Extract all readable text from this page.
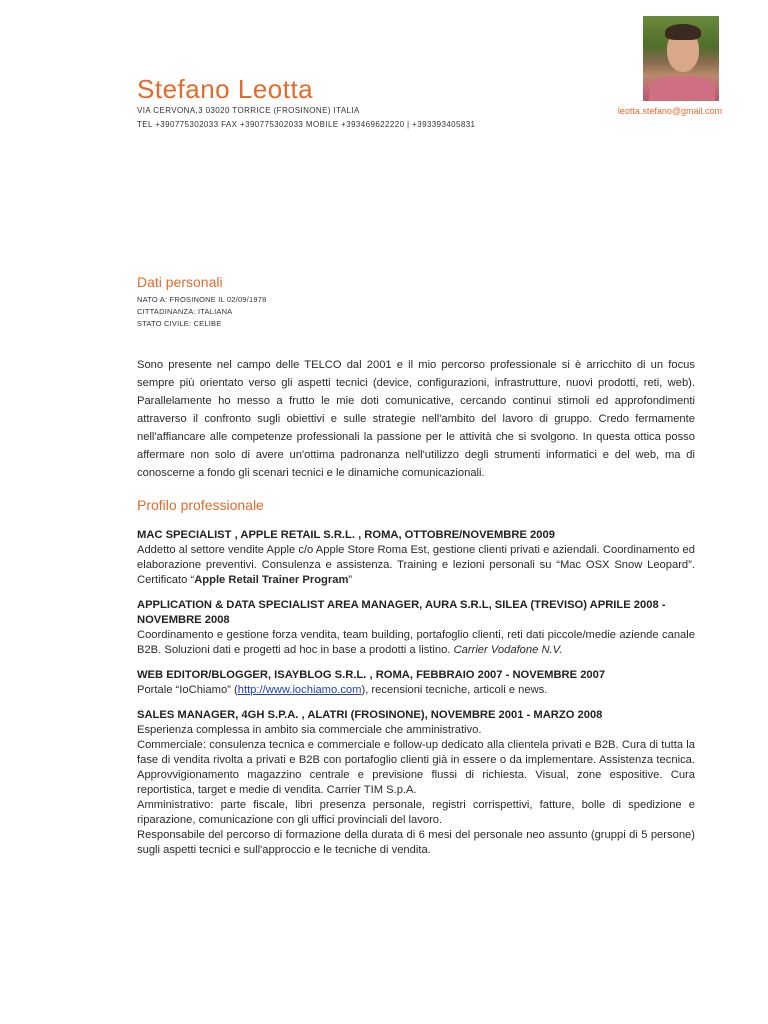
Stefano Leotta
VIA CERVONA,3 03020 TORRICE (FROSINONE) ITALIA	leotta.stefano@gmail.com
TEL +390775302033 FAX +390775302033 MOBILE +393469622220 | +393393405831
Dati personali
NATO A: FROSINONE IL 02/09/1978
CITTADINANZA: ITALIANA
STATO CIVILE: CELIBE
Sono presente nel campo delle TELCO dal 2001 e il mio percorso professionale si è arricchito di un focus sempre più orientato verso gli aspetti tecnici (device, configurazioni, infrastrutture, nuovi prodotti, reti, web). Parallelamente ho messo a frutto le mie doti comunicative, cercando continui stimoli ed approfondimenti attraverso il confronto sugli obiettivi e sulle strategie nell'ambito del lavoro di gruppo. Credo fermamente nell'affiancare alle competenze professionali la passione per le attività che si svolgono. In questa ottica posso affermare non solo di avere un'ottima padronanza nell'utilizzo degli strumenti informatici e del web, ma di conoscerne a fondo gli scenari tecnici e le dinamiche comunicazionali.
Profilo professionale
MAC SPECIALIST , APPLE RETAIL S.R.L. , ROMA, OTTOBRE/NOVEMBRE 2009
Addetto al settore vendite Apple c/o Apple Store Roma Est, gestione clienti privati e aziendali. Coordinamento ed elaborazione preventivi. Consulenza e assistenza. Training e lezioni personali su “Mac OSX Snow Leopard”. Certificato “Apple Retail Trainer Program”
APPLICATION & DATA SPECIALIST AREA MANAGER, AURA S.R.L, SILEA (TREVISO) APRILE 2008 - NOVEMBRE 2008
Coordinamento e gestione forza vendita, team building, portafoglio clienti, reti dati piccole/medie aziende canale B2B. Soluzioni dati e progetti ad hoc in base a prodotti a listino. Carrier Vodafone N.V.
WEB EDITOR/BLOGGER, ISAYBLOG S.R.L. , ROMA, FEBBRAIO 2007 - NOVEMBRE 2007
Portale “IoChiamo” (http://www.iochiamo.com), recensioni tecniche, articoli e news.
SALES MANAGER, 4GH S.P.A. , ALATRI (FROSINONE), NOVEMBRE 2001 - MARZO 2008
Esperienza complessa in ambito sia commerciale che amministrativo.
Commerciale: consulenza tecnica e commerciale e follow-up dedicato alla clientela privati e B2B. Cura di tutta la fase di vendita rivolta a privati e B2B con portafoglio clienti già in essere o da implementare. Assistenza tecnica. Approvvigionamento magazzino centrale e previsione flussi di richiesta. Visual, zone espositive. Cura reportistica, target e medie di vendita. Carrier TIM S.p.A.
Amministrativo: parte fiscale, libri presenza personale, registri corrispettivi, fatture, bolle di spedizione e riparazione, comunicazione con gli uffici provinciali del lavoro.
Responsabile del percorso di formazione della durata di 6 mesi del personale neo assunto (gruppi di 5 persone) sugli aspetti tecnici e sull'approccio e le tecniche di vendita.
